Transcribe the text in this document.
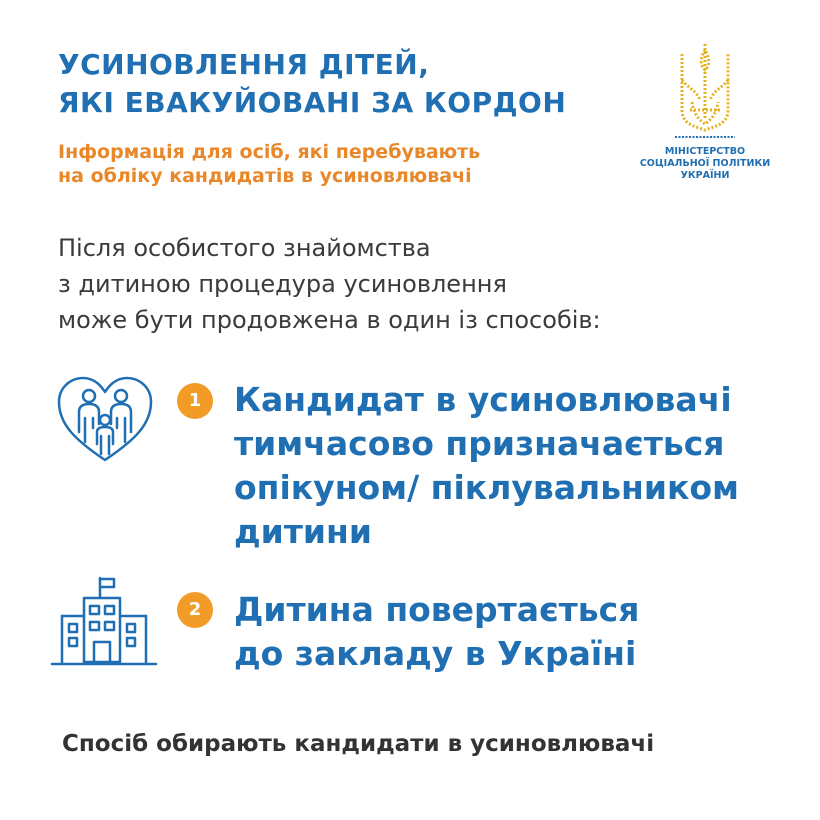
УСИНОВЛЕННЯ ДІТЕЙ,
ЯКІ ЕВАКУЙОВАНІ ЗА КОРДОН
Інформація для осіб, які перебувають
на обліку кандидатів в усиновлювачі
МІНІСТЕРСТВО
СОЦІАЛЬНОЇ ПОЛІТИКИ
УКРАЇНИ
Після особистого знайомства
з дитиною процедура усиновлення
може бути продовжена в один із способів:
1 Кандидат в усиновлювачі
тимчасово призначається
опікуном/ піклувальником
дитини
2 Дитина повертається
до закладу в Україні
Спосіб обирають кандидати в усиновлювачі
